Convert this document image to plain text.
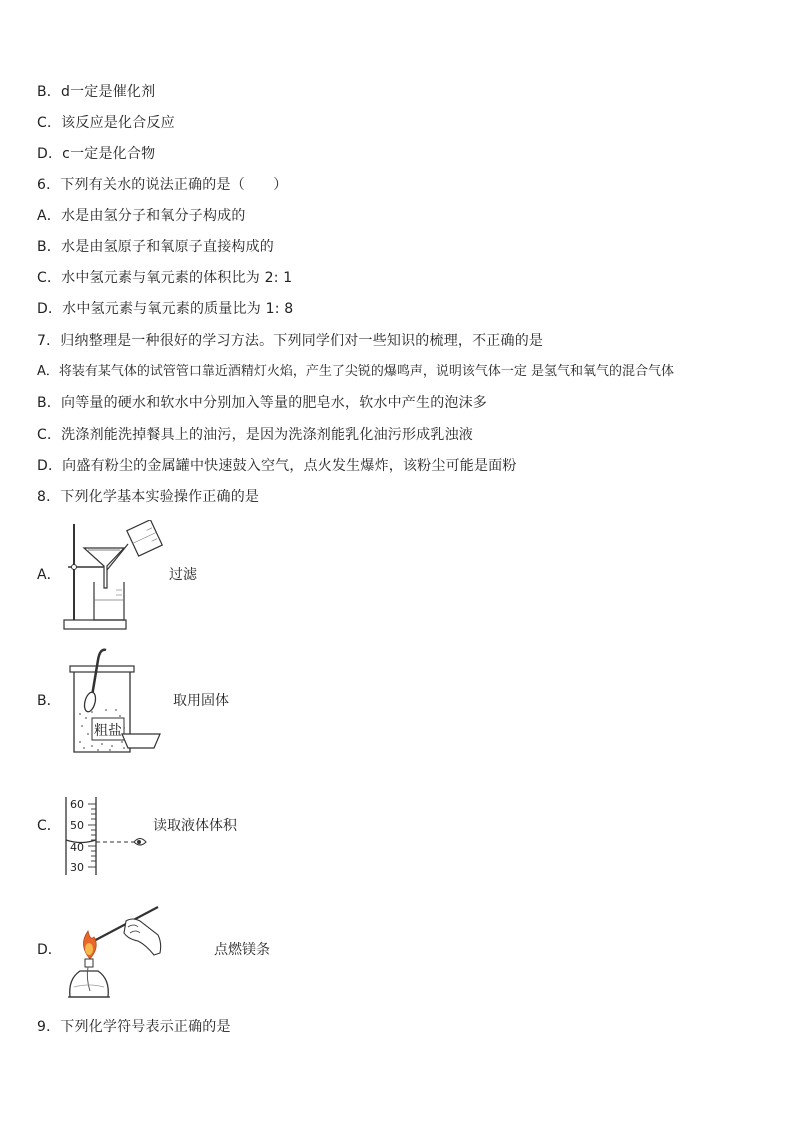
B．d一定是催化剂
C．该反应是化合反应
D．c一定是化合物
6．下列有关水的说法正确的是（　　）
A．水是由氢分子和氧分子构成的
B．水是由氢原子和氧原子直接构成的
C．水中氢元素与氧元素的体积比为 2: 1
D．水中氢元素与氧元素的质量比为 1: 8
7．归纳整理是一种很好的学习方法。下列同学们对一些知识的梳理，不正确的是
A．将装有某气体的试管管口靠近酒精灯火焰，产生了尖锐的爆鸣声，说明该气体一定 是氢气和氧气的混合气体
B．向等量的硬水和软水中分别加入等量的肥皂水，软水中产生的泡沫多
C．洗涤剂能洗掉餐具上的油污，是因为洗涤剂能乳化油污形成乳浊液
D．向盛有粉尘的金属罐中快速鼓入空气，点火发生爆炸，该粉尘可能是面粉
8．下列化学基本实验操作正确的是
A．	过滤
B．
粗盐
取用固体
C．
60
50
40
30
读取液体体积
D．	点燃镁条
9．下列化学符号表示正确的是
